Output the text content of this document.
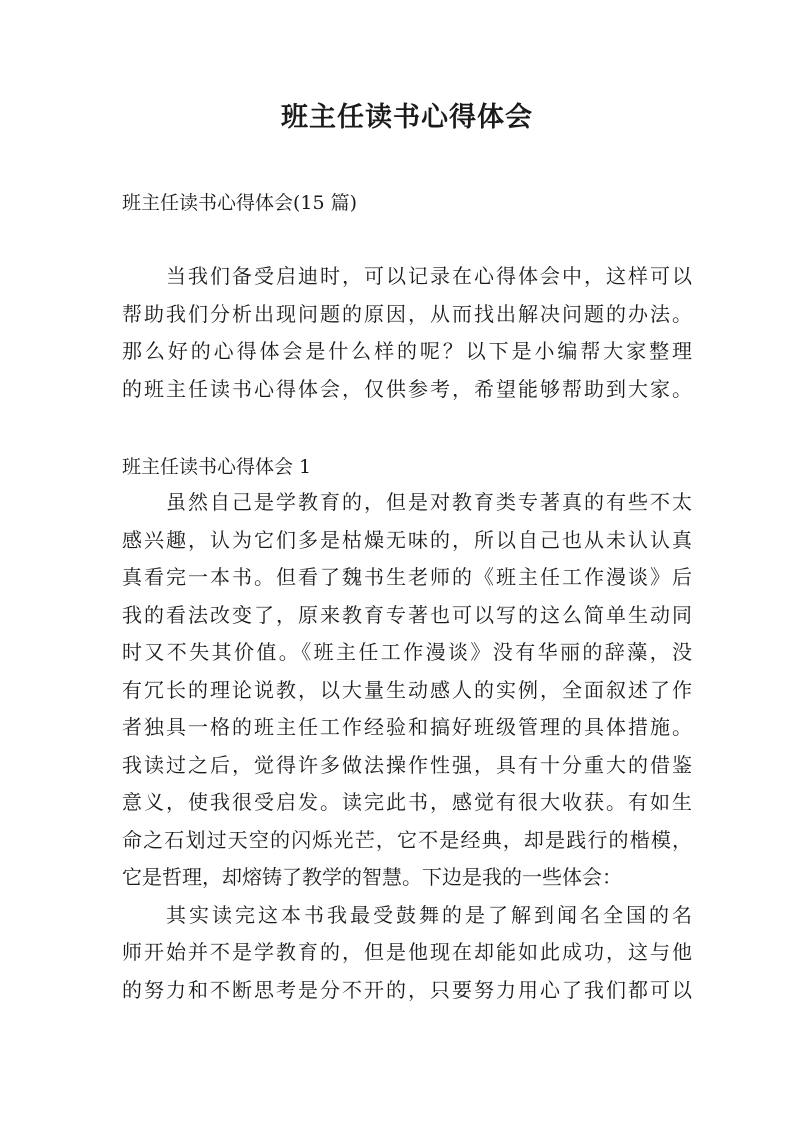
班主任读书心得体会
班主任读书心得体会(15 篇)
当我们备受启迪时，可以记录在心得体会中，这样可以
帮助我们分析出现问题的原因，从而找出解决问题的办法。
那么好的心得体会是什么样的呢？以下是小编帮大家整理
的班主任读书心得体会，仅供参考，希望能够帮助到大家。
班主任读书心得体会 1
虽然自己是学教育的，但是对教育类专著真的有些不太
感兴趣，认为它们多是枯燥无味的，所以自己也从未认认真
真看完一本书。但看了魏书生老师的《班主任工作漫谈》后
我的看法改变了，原来教育专著也可以写的这么简单生动同
时又不失其价值。《班主任工作漫谈》没有华丽的辞藻，没
有冗长的理论说教，以大量生动感人的实例，全面叙述了作
者独具一格的班主任工作经验和搞好班级管理的具体措施。
我读过之后，觉得许多做法操作性强，具有十分重大的借鉴
意义，使我很受启发。读完此书，感觉有很大收获。有如生
命之石划过天空的闪烁光芒，它不是经典，却是践行的楷模，
它是哲理，却熔铸了教学的智慧。下边是我的一些体会：
其实读完这本书我最受鼓舞的是了解到闻名全国的名
师开始并不是学教育的，但是他现在却能如此成功，这与他
的努力和不断思考是分不开的，只要努力用心了我们都可以
